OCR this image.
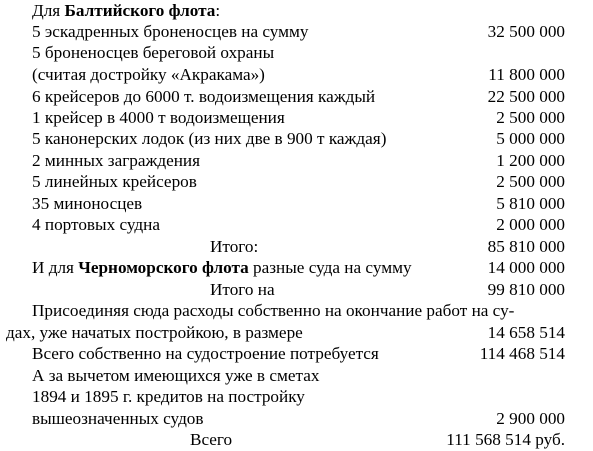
Для Балтийского флота:
5 эскадренных броненосцев на сумму	32 500 000
5 броненосцев береговой охраны
(считая достройку «Акракама»)	11 800 000
6 крейсеров до 6000 т. водоизмещения каждый	22 500 000
1 крейсер в 4000 т водоизмещения	2 500 000
5 канонерских лодок (из них две в 900 т каждая)	5 000 000
2 минных заграждения	1 200 000
5 линейных крейсеров	2 500 000
35 миноносцев	5 810 000
4 портовых судна	2 000 000
Итого:	85 810 000
И для Черноморского флота разные суда на сумму	14 000 000
Итого на	99 810 000
Присоединяя сюда расходы собственно на окончание работ на су-
дах, уже начатых постройкою, в размере	14 658 514
Всего собственно на судостроение потребуется	114 468 514
А за вычетом имеющихся уже в сметах
1894 и 1895 г. кредитов на постройку
вышеозначенных судов	2 900 000
Всего	111 568 514 руб.
